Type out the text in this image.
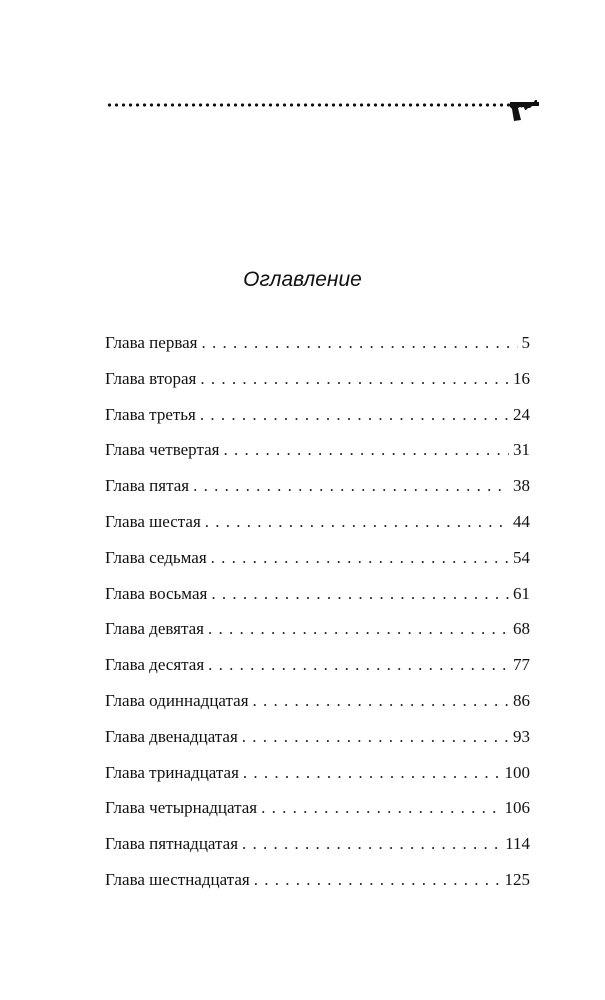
Оглавление
Глава первая . . .	5
Глава вторая . . .	16
Глава третья . . .	24
Глава четвертая . . .	31
Глава пятая . . .	38
Глава шестая . . .	44
Глава седьмая . . .	54
Глава восьмая . . .	61
Глава девятая . . .	68
Глава десятая . . .	77
Глава одиннадцатая . . .	86
Глава двенадцатая . . .	93
Глава тринадцатая . . .	100
Глава четырнадцатая . . .	106
Глава пятнадцатая . . .	114
Глава шестнадцатая . . .	125
